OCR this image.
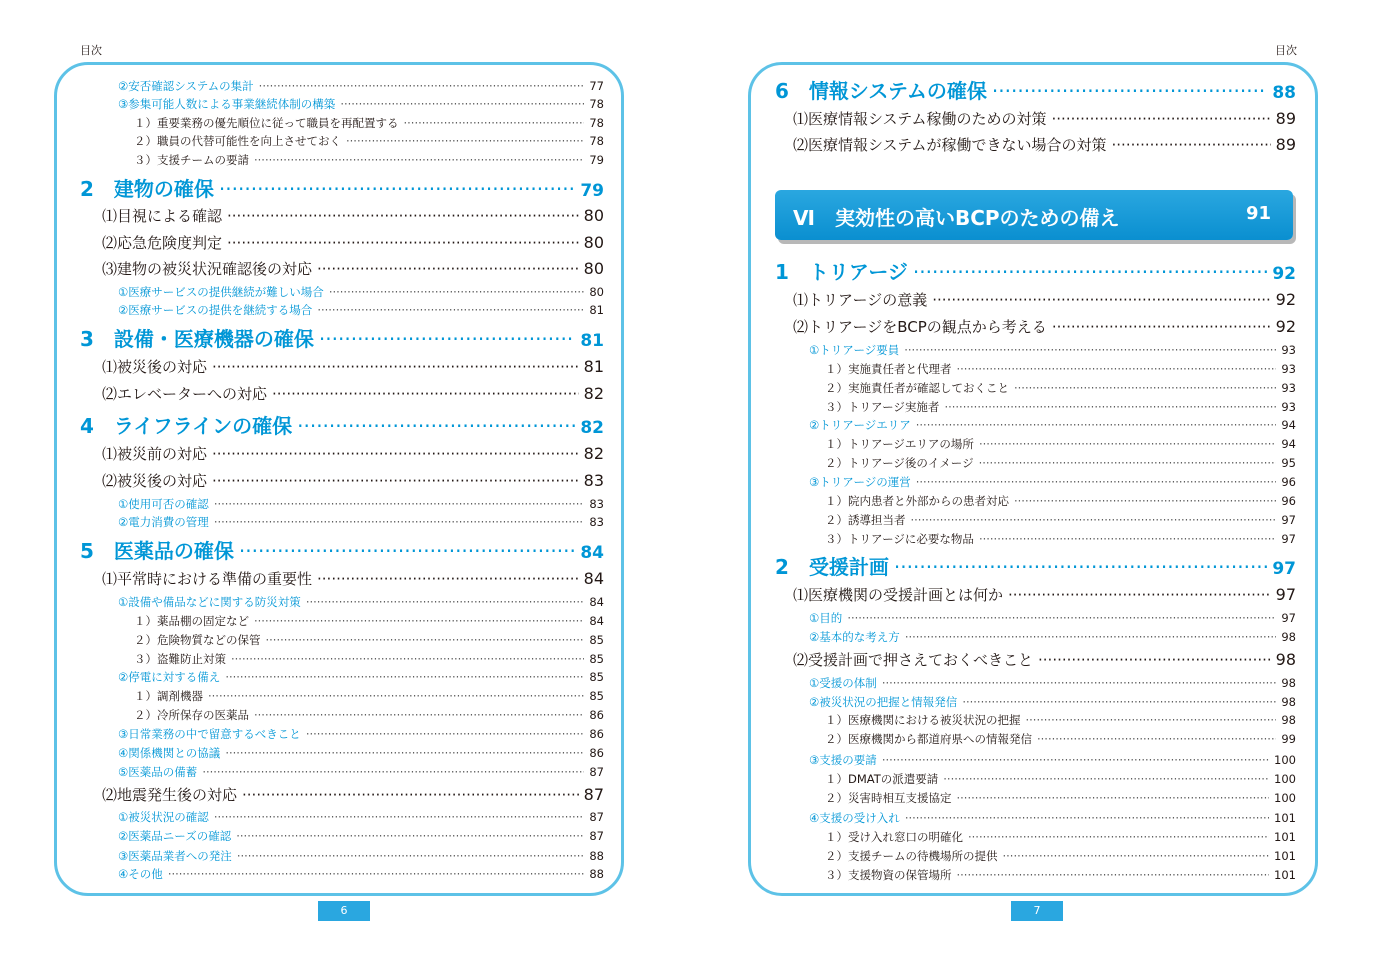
目次	目次
②安否確認システムの集計 ·····	77
③参集可能人数による事業継続体制の構築 ·····	78
１）重要業務の優先順位に従って職員を再配置する ·····	78
２）職員の代替可能性を向上させておく ·····	78
３）支援チームの要請 ·····	79
2　建物の確保 ·····	79
⑴目視による確認 ·····	80
⑵応急危険度判定 ·····	80
⑶建物の被災状況確認後の対応 ·····	80
①医療サービスの提供継続が難しい場合 ·····	80
②医療サービスの提供を継続する場合 ·····	81
3　設備・医療機器の確保 ·····	81
⑴被災後の対応 ·····	81
⑵エレベーターへの対応 ·····	82
4　ライフラインの確保 ·····	82
⑴被災前の対応 ·····	82
⑵被災後の対応 ·····	83
①使用可否の確認 ·····	83
②電力消費の管理 ·····	83
5　医薬品の確保 ·····	84
⑴平常時における準備の重要性 ·····	84
①設備や備品などに関する防災対策 ·····	84
１）薬品棚の固定など ·····	84
２）危険物質などの保管 ·····	85
３）盗難防止対策 ·····	85
②停電に対する備え ·····	85
１）調剤機器 ·····	85
２）冷所保存の医薬品 ·····	86
③日常業務の中で留意するべきこと ·····	86
④関係機関との協議 ·····	86
⑤医薬品の備蓄 ·····	87
⑵地震発生後の対応 ·····	87
①被災状況の確認 ·····	87
②医薬品ニーズの確認 ·····	87
③医薬品業者への発注 ·····	88
④その他 ·····	88
6　情報システムの確保 ·····	88
⑴医療情報システム稼働のための対策 ·····	89
⑵医療情報システムが稼働できない場合の対策 ·····	89
1　トリアージ ·····	92
⑴トリアージの意義 ·····	92
⑵トリアージをBCPの観点から考える ·····	92
①トリアージ要員 ·····	93
１）実施責任者と代理者 ·····	93
２）実施責任者が確認しておくこと ·····	93
３）トリアージ実施者 ·····	93
②トリアージエリア ·····	94
１）トリアージエリアの場所 ·····	94
２）トリアージ後のイメージ ·····	95
③トリアージの運営 ·····	96
１）院内患者と外部からの患者対応 ·····	96
２）誘導担当者 ·····	97
３）トリアージに必要な物品 ·····	97
2　受援計画 ·····	97
⑴医療機関の受援計画とは何か ·····	97
①目的 ·····	97
②基本的な考え方 ·····	98
⑵受援計画で押さえておくべきこと ·····	98
①受援の体制 ·····	98
②被災状況の把握と情報発信 ·····	98
１）医療機関における被災状況の把握 ·····	98
２）医療機関から都道府県への情報発信 ·····	99
③支援の要請 ·····	100
１）DMATの派遣要請 ·····	100
２）災害時相互支援協定 ·····	100
④支援の受け入れ ·····	101
１）受け入れ窓口の明確化 ·····	101
２）支援チームの待機場所の提供 ·····	101
３）支援物資の保管場所 ·····	101
Ⅵ　実効性の高いBCPのための備え	91
6	7
